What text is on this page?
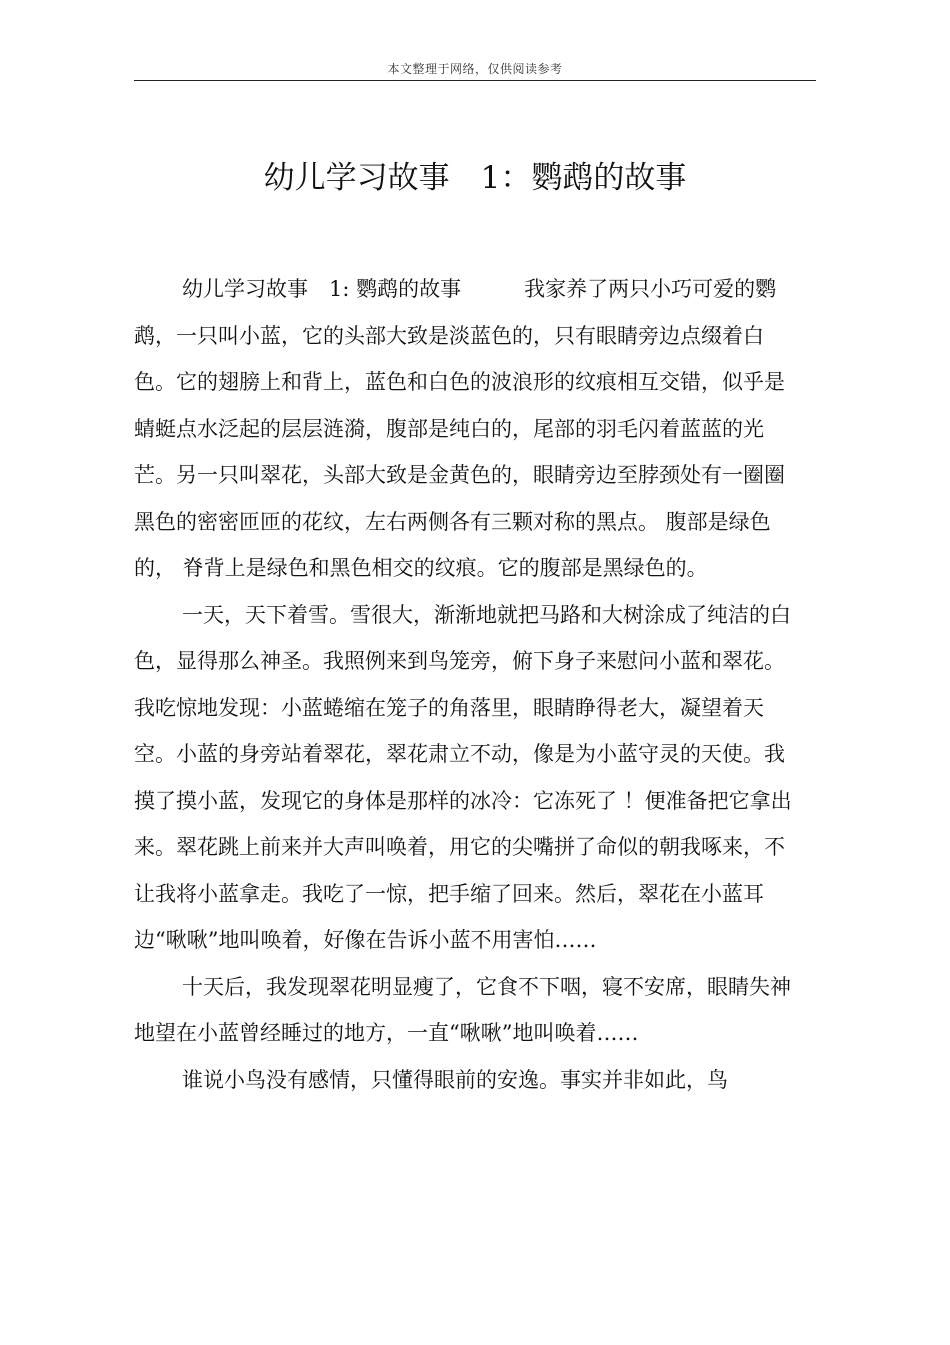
本文整理于网络，仅供阅读参考
幼儿学习故事　1：鹦鹉的故事

幼儿学习故事　1: 鹦鹉的故事　　　我家养了两只小巧可爱的鹦鹉，一只叫小蓝，它的头部大致是淡蓝色的，只有眼睛旁边点缀着白色。它的翅膀上和背上，蓝色和白色的波浪形的纹痕相互交错，似乎是蜻蜓点水泛起的层层涟漪，腹部是纯白的，尾部的羽毛闪着蓝蓝的光芒。另一只叫翠花，头部大致是金黄色的，眼睛旁边至脖颈处有一圈圈黑色的密密匝匝的花纹，左右两侧各有三颗对称的黑点。 腹部是绿色的， 脊背上是绿色和黑色相交的纹痕。它的腹部是黑绿色的。

一天，天下着雪。雪很大，渐渐地就把马路和大树涂成了纯洁的白色，显得那么神圣。我照例来到鸟笼旁，俯下身子来慰问小蓝和翠花。我吃惊地发现：小蓝蜷缩在笼子的角落里，眼睛睁得老大，凝望着天空。小蓝的身旁站着翠花，翠花肃立不动，像是为小蓝守灵的天使。我摸了摸小蓝，发现它的身体是那样的冰冷：它冻死了 ！便准备把它拿出来。翠花跳上前来并大声叫唤着，用它的尖嘴拼了命似的朝我啄来，不让我将小蓝拿走。我吃了一惊，把手缩了回来。然后，翠花在小蓝耳边“啾啾”地叫唤着，好像在告诉小蓝不用害怕……

十天后，我发现翠花明显瘦了，它食不下咽，寝不安席，眼睛失神地望在小蓝曾经睡过的地方，一直“啾啾”地叫唤着……

谁说小鸟没有感情，只懂得眼前的安逸。事实并非如此，鸟
